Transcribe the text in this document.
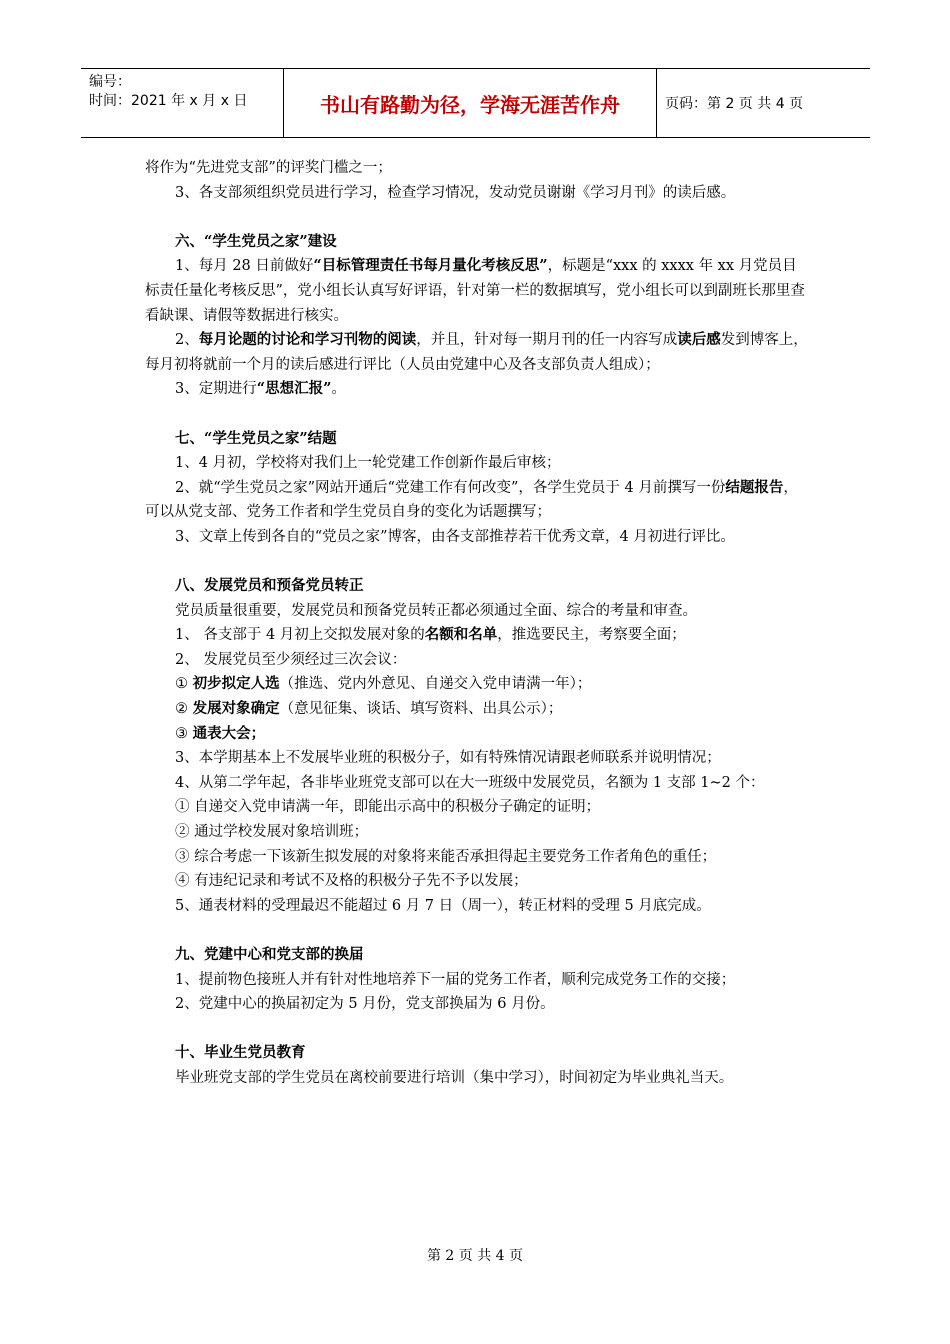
编号：
时间：2021 年 x 月 x 日	书山有路勤为径，学海无涯苦作舟	页码：第 2 页 共 4 页

将作为“先进党支部”的评奖门槛之一；

3、各支部须组织党员进行学习，检查学习情况，发动党员谢谢《学习月刊》的读后感。

六、“学生党员之家”建设

1、每月 28 日前做好“目标管理责任书每月量化考核反思”，标题是“xxx 的 xxxx 年 xx 月党员目标责任量化考核反思”，党小组长认真写好评语，针对第一栏的数据填写，党小组长可以到副班长那里查看缺课、请假等数据进行核实。

2、每月论题的讨论和学习刊物的阅读，并且，针对每一期月刊的任一内容写成读后感发到博客上，每月初将就前一个月的读后感进行评比（人员由党建中心及各支部负责人组成）；

3、定期进行“思想汇报”。

七、“学生党员之家”结题

1、4 月初，学校将对我们上一轮党建工作创新作最后审核；

2、就“学生党员之家”网站开通后“党建工作有何改变”，各学生党员于 4 月前撰写一份结题报告，可以从党支部、党务工作者和学生党员自身的变化为话题撰写；

3、文章上传到各自的“党员之家”博客，由各支部推荐若干优秀文章，4 月初进行评比。

八、发展党员和预备党员转正

党员质量很重要，发展党员和预备党员转正都必须通过全面、综合的考量和审查。

1、 各支部于 4 月初上交拟发展对象的名额和名单，推选要民主，考察要全面；

2、 发展党员至少须经过三次会议：

① 初步拟定人选（推选、党内外意见、自递交入党申请满一年）；

② 发展对象确定（意见征集、谈话、填写资料、出具公示）；

③ 通表大会；

3、本学期基本上不发展毕业班的积极分子，如有特殊情况请跟老师联系并说明情况；

4、从第二学年起，各非毕业班党支部可以在大一班级中发展党员，名额为 1 支部 1~2 个：

① 自递交入党申请满一年，即能出示高中的积极分子确定的证明；

② 通过学校发展对象培训班；

③ 综合考虑一下该新生拟发展的对象将来能否承担得起主要党务工作者角色的重任；

④ 有违纪记录和考试不及格的积极分子先不予以发展；

5、通表材料的受理最迟不能超过 6 月 7 日（周一），转正材料的受理 5 月底完成。

九、党建中心和党支部的换届

1、提前物色接班人并有针对性地培养下一届的党务工作者，顺利完成党务工作的交接；

2、党建中心的换届初定为 5 月份，党支部换届为 6 月份。

十、毕业生党员教育

毕业班党支部的学生党员在离校前要进行培训（集中学习），时间初定为毕业典礼当天。

第 2 页 共 4 页
